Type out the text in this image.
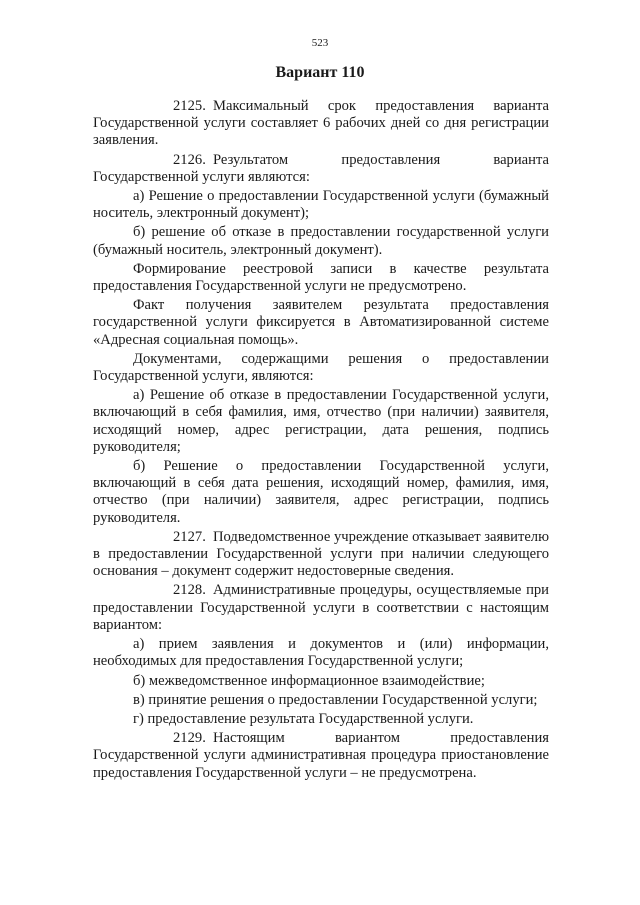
523
Вариант 110

2125. Максимальный срок предоставления варианта Государственной услуги составляет 6 рабочих дней со дня регистрации заявления.

2126. Результатом предоставления варианта Государственной услуги являются:

а) Решение о предоставлении Государственной услуги (бумажный носитель, электронный документ);

б) решение об отказе в предоставлении государственной услуги (бумажный носитель, электронный документ).

Формирование реестровой записи в качестве результата предоставления Государственной услуги не предусмотрено.

Факт получения заявителем результата предоставления государственной услуги фиксируется в Автоматизированной системе «Адресная социальная помощь».

Документами, содержащими решения о предоставлении Государственной услуги, являются:

а) Решение об отказе в предоставлении Государственной услуги, включающий в себя фамилия, имя, отчество (при наличии) заявителя, исходящий номер, адрес регистрации, дата решения, подпись руководителя;

б) Решение о предоставлении Государственной услуги, включающий в себя дата решения, исходящий номер, фамилия, имя, отчество (при наличии) заявителя, адрес регистрации, подпись руководителя.

2127. Подведомственное учреждение отказывает заявителю в предоставлении Государственной услуги при наличии следующего основания – документ содержит недостоверные сведения.

2128. Административные процедуры, осуществляемые при предоставлении Государственной услуги в соответствии с настоящим вариантом:

а) прием заявления и документов и (или) информации, необходимых для предоставления Государственной услуги;

б) межведомственное информационное взаимодействие;

в) принятие решения о предоставлении Государственной услуги;

г) предоставление результата Государственной услуги.

2129. Настоящим вариантом предоставления Государственной услуги административная процедура приостановление предоставления Государственной услуги – не предусмотрена.
